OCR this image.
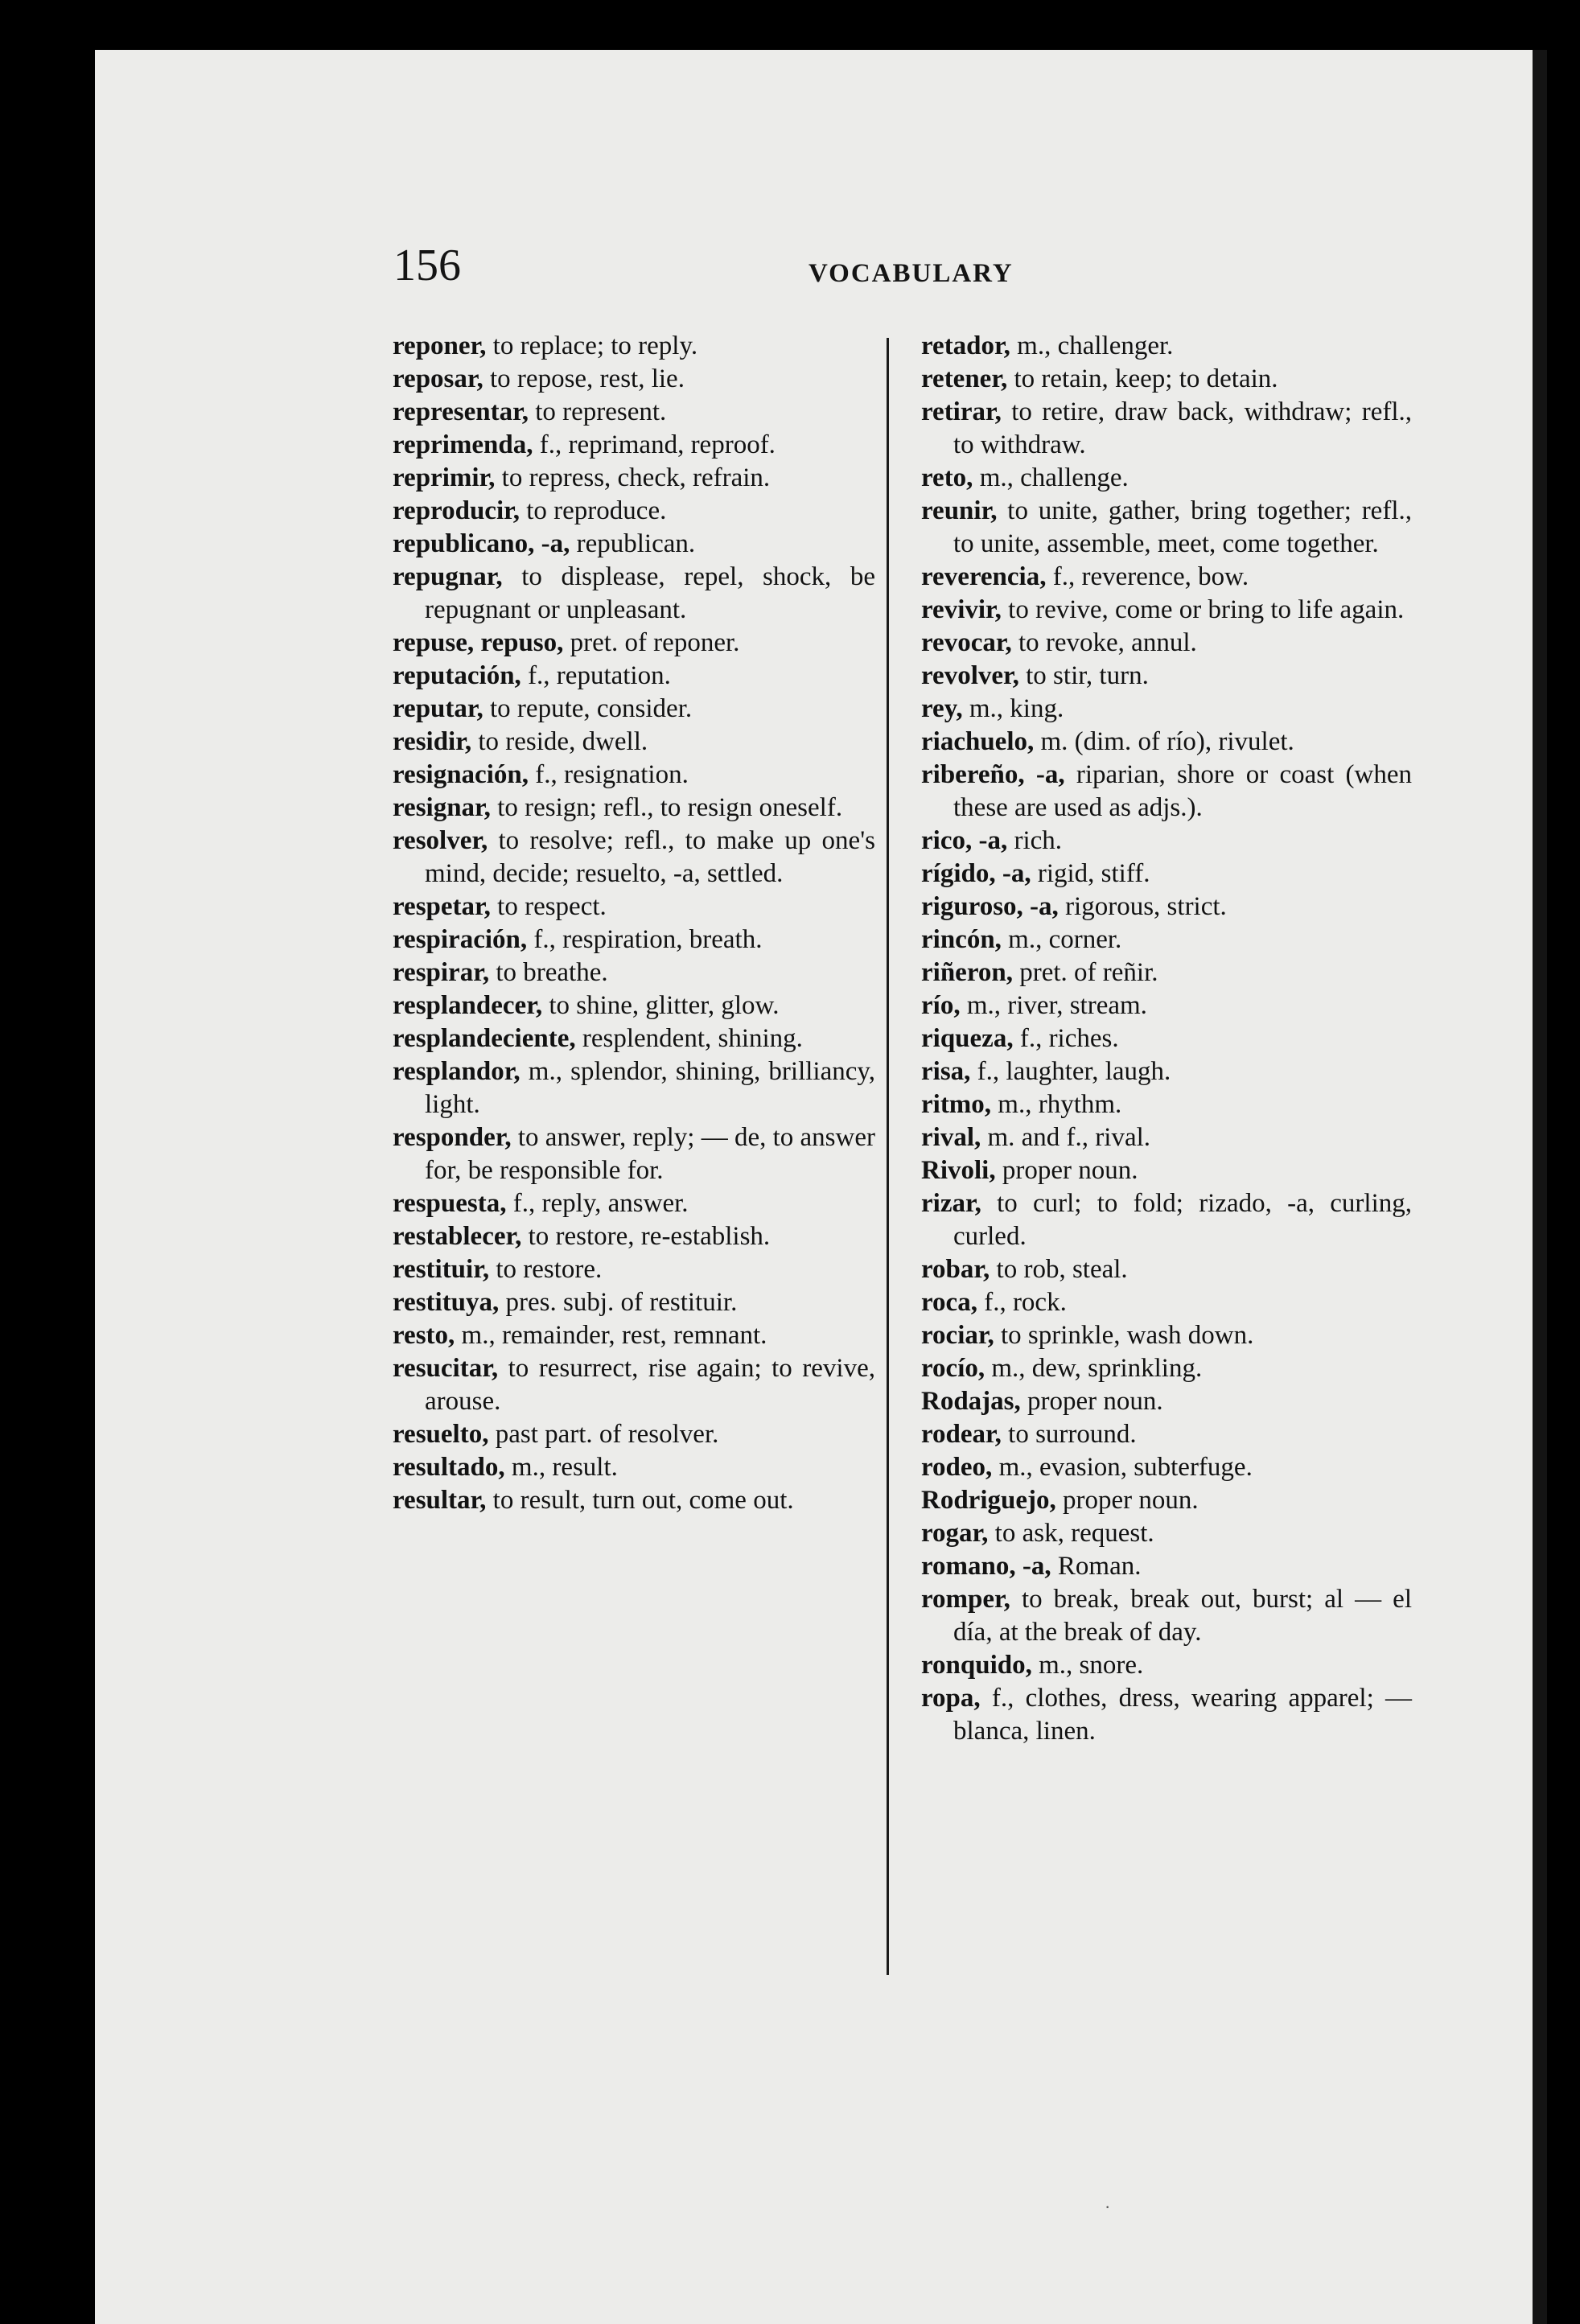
156	VOCABULARY
reponer, to replace; to reply.
reposar, to repose, rest, lie.
representar, to represent.
reprimenda, f., reprimand, reproof.
reprimir, to repress, check, refrain.
reproducir, to reproduce.
republicano, -a, republican.
repugnar, to displease, repel, shock, be repugnant or unpleasant.
repuse, repuso, pret. of reponer.
reputación, f., reputation.
reputar, to repute, consider.
residir, to reside, dwell.
resignación, f., resignation.
resignar, to resign; refl., to resign oneself.
resolver, to resolve; refl., to make up one's mind, decide; resuelto, -a, settled.
respetar, to respect.
respiración, f., respiration, breath.
respirar, to breathe.
resplandecer, to shine, glitter, glow.
resplandeciente, resplendent, shining.
resplandor, m., splendor, shining, brilliancy, light.
responder, to answer, reply; — de, to answer for, be responsible for.
respuesta, f., reply, answer.
restablecer, to restore, re-establish.
restituir, to restore.
restituya, pres. subj. of restituir.
resto, m., remainder, rest, remnant.
resucitar, to resurrect, rise again; to revive, arouse.
resuelto, past part. of resolver.
resultado, m., result.
resultar, to result, turn out, come out.
retador, m., challenger.
retener, to retain, keep; to detain.
retirar, to retire, draw back, withdraw; refl., to withdraw.
reto, m., challenge.
reunir, to unite, gather, bring together; refl., to unite, assemble, meet, come together.
reverencia, f., reverence, bow.
revivir, to revive, come or bring to life again.
revocar, to revoke, annul.
revolver, to stir, turn.
rey, m., king.
riachuelo, m. (dim. of río), rivulet.
ribereño, -a, riparian, shore or coast (when these are used as adjs.).
rico, -a, rich.
rígido, -a, rigid, stiff.
riguroso, -a, rigorous, strict.
rincón, m., corner.
riñeron, pret. of reñir.
río, m., river, stream.
riqueza, f., riches.
risa, f., laughter, laugh.
ritmo, m., rhythm.
rival, m. and f., rival.
Rivoli, proper noun.
rizar, to curl; to fold; rizado, -a, curling, curled.
robar, to rob, steal.
roca, f., rock.
rociar, to sprinkle, wash down.
rocío, m., dew, sprinkling.
Rodajas, proper noun.
rodear, to surround.
rodeo, m., evasion, subterfuge.
Rodriguejo, proper noun.
rogar, to ask, request.
romano, -a, Roman.
romper, to break, break out, burst; al — el día, at the break of day.
ronquido, m., snore.
ropa, f., clothes, dress, wearing apparel; — blanca, linen.
·
